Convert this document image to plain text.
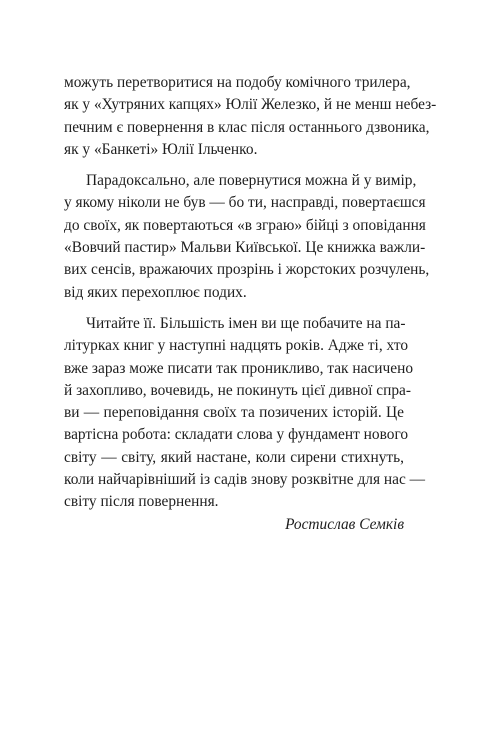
можуть перетворитися на подобу комічного трилера,
як у «Хутряних капцях» Юлії Железко, й не менш небез-
печним є повернення в клас після останнього дзвоника,
як у «Банкеті» Юлії Ільченко.
Парадоксально, але повернутися можна й у вимір,
у якому ніколи не був — бо ти, насправді, повертаєшся
до своїх, як повертаються «в зграю» бійці з оповідання
«Вовчий пастир» Мальви Київської. Це книжка важли-
вих сенсів, вражаючих прозрінь і жорстоких розчулень,
від яких перехоплює подих.
Читайте її. Більшість імен ви ще побачите на па-
літурках книг у наступні надцять років. Адже ті, хто
вже зараз може писати так проникливо, так насичено
й захопливо, вочевидь, не покинуть цієї дивної спра-
ви — переповідання своїх та позичених історій. Це
вартісна робота: складати слова у фундамент нового
світу — світу, який настане, коли сирени стихнуть,
коли найчарівніший із садів знову розквітне для нас —
світу після повернення.
Ростислав Семків
